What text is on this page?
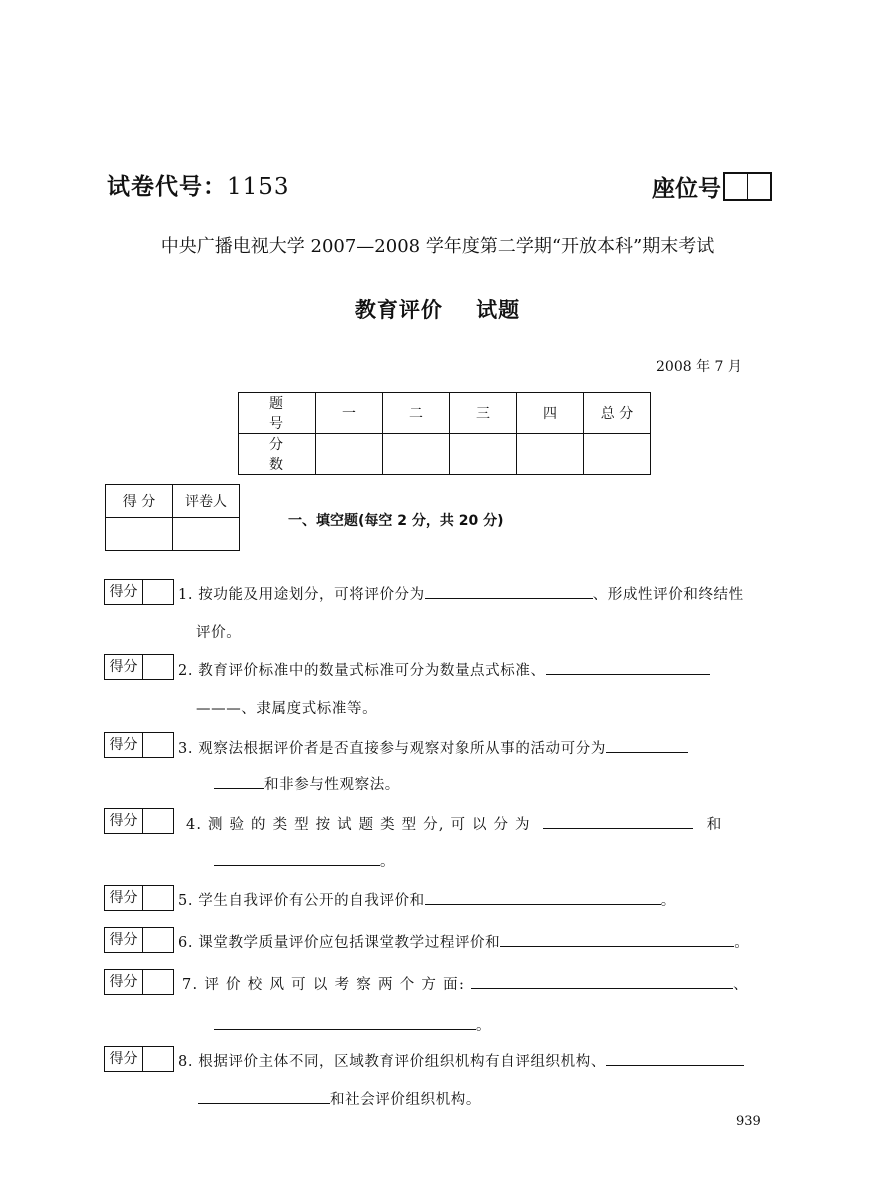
试卷代号：1153	座位号
中央广播电视大学 2007—2008 学年度第二学期“开放本科”期末考试
教育评价    试题
2008 年 7 月
题 号	一	二	三	四	总 分
分 数					
得 分	评卷人

一、填空题(每空 2 分，共 20 分)
得分	1. 按功能及用途划分，可将评价分为	、形成性评价和终结性
评价。
得分	2. 教育评价标准中的数量式标准可分为数量点式标准、
———、隶属度式标准等。
得分	3. 观察法根据评价者是否直接参与观察对象所从事的活动可分为
和非参与性观察法。
得分	4. 测 验 的 类 型 按 试 题 类 型 分, 可 以 分 为	和
。
得分	5. 学生自我评价有公开的自我评价和	。
得分	6. 课堂教学质量评价应包括课堂教学过程评价和	。
得分	7. 评 价 校 风 可 以 考 察 两 个 方 面:	、
。
得分	8. 根据评价主体不同，区域教育评价组织机构有自评组织机构、
和社会评价组织机构。
939
